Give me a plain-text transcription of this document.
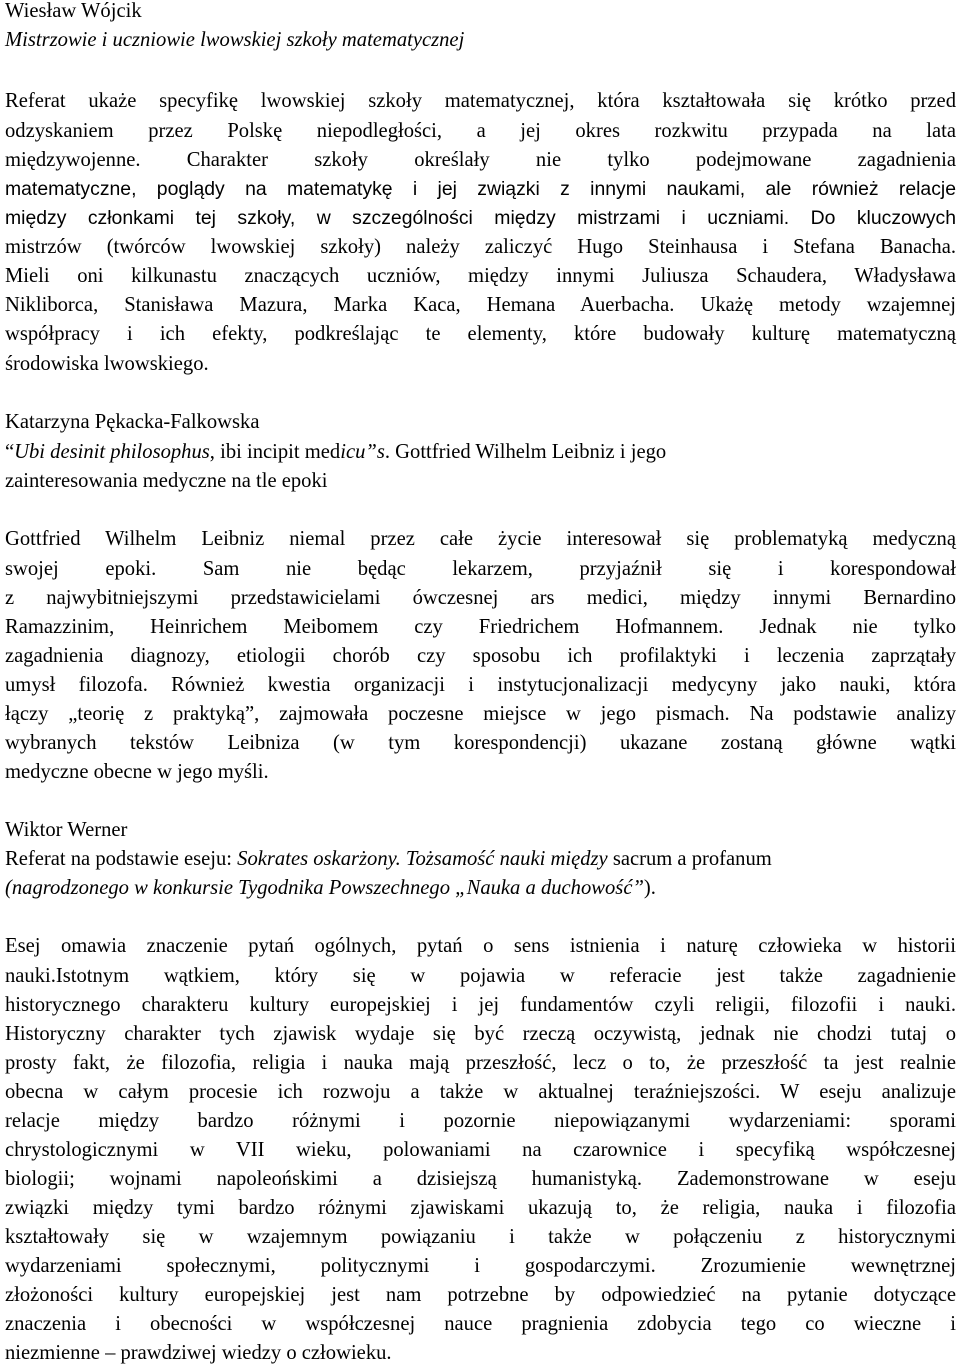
Wiesław Wójcik
Mistrzowie i uczniowie lwowskiej szkoły matematycznej
Referat ukaże specyfikę lwowskiej szkoły matematycznej, która kształtowała się krótko przed
odzyskaniem przez Polskę niepodległości, a jej okres rozkwitu przypada na lata
międzywojenne. Charakter szkoły określały nie tylko podejmowane zagadnienia
matematyczne, poglądy na matematykę i jej związki z innymi naukami, ale również relacje
między członkami tej szkoły, w szczególności między mistrzami i uczniami. Do kluczowych
mistrzów (twórców lwowskiej szkoły) należy zaliczyć Hugo Steinhausa i Stefana Banacha.
Mieli oni kilkunastu znaczących uczniów, między innymi Juliusza Schaudera, Władysława
Nikliborca, Stanisława Mazura, Marka Kaca, Hemana Auerbacha. Ukażę metody wzajemnej
współpracy i ich efekty, podkreślając te elementy, które budowały kulturę matematyczną
środowiska lwowskiego.
Katarzyna Pękacka-Falkowska
“Ubi desinit philosophus, ibi incipit medicu”s. Gottfried Wilhelm Leibniz i jego
zainteresowania medyczne na tle epoki
Gottfried Wilhelm Leibniz niemal przez całe życie interesował się problematyką medyczną
swojej epoki. Sam nie będąc lekarzem, przyjaźnił się i korespondował
z najwybitniejszymi przedstawicielami ówczesnej ars medici, między innymi Bernardino
Ramazzinim, Heinrichem Meibomem czy Friedrichem Hofmannem. Jednak nie tylko
zagadnienia diagnozy, etiologii chorób czy sposobu ich profilaktyki i leczenia zaprzątały
umysł filozofa. Również kwestia organizacji i instytucjonalizacji medycyny jako nauki, która
łączy „teorię z praktyką”, zajmowała poczesne miejsce w jego pismach. Na podstawie analizy
wybranych tekstów Leibniza (w tym korespondencji) ukazane zostaną główne wątki
medyczne obecne w jego myśli.
Wiktor Werner
Referat na podstawie eseju: Sokrates oskarżony. Tożsamość nauki między sacrum a profanum
(nagrodzonego w konkursie Tygodnika Powszechnego „Nauka a duchowość”).
Esej omawia znaczenie pytań ogólnych, pytań o sens istnienia i naturę człowieka w historii
nauki.Istotnym wątkiem, który się w pojawia w referacie jest także zagadnienie
historycznego charakteru kultury europejskiej i jej fundamentów czyli religii, filozofii i nauki.
Historyczny charakter tych zjawisk wydaje się być rzeczą oczywistą, jednak nie chodzi tutaj o
prosty fakt, że filozofia, religia i nauka mają przeszłość, lecz o to, że przeszłość ta jest realnie
obecna w całym procesie ich rozwoju a także w aktualnej teraźniejszości. W eseju analizuje
relacje między bardzo różnymi i pozornie niepowiązanymi wydarzeniami: sporami
chrystologicznymi w VII wieku, polowaniami na czarownice i specyfiką współczesnej
biologii; wojnami napoleońskimi a dzisiejszą humanistyką. Zademonstrowane w eseju
związki między tymi bardzo różnymi zjawiskami ukazują to, że religia, nauka i filozofia
kształtowały się w wzajemnym powiązaniu i także w połączeniu z historycznymi
wydarzeniami społecznymi, politycznymi i gospodarczymi. Zrozumienie wewnętrznej
złożoności kultury europejskiej jest nam potrzebne by odpowiedzieć na pytanie dotyczące
znaczenia i obecności w współczesnej nauce pragnienia zdobycia tego co wieczne i
niezmienne – prawdziwej wiedzy o człowieku.
